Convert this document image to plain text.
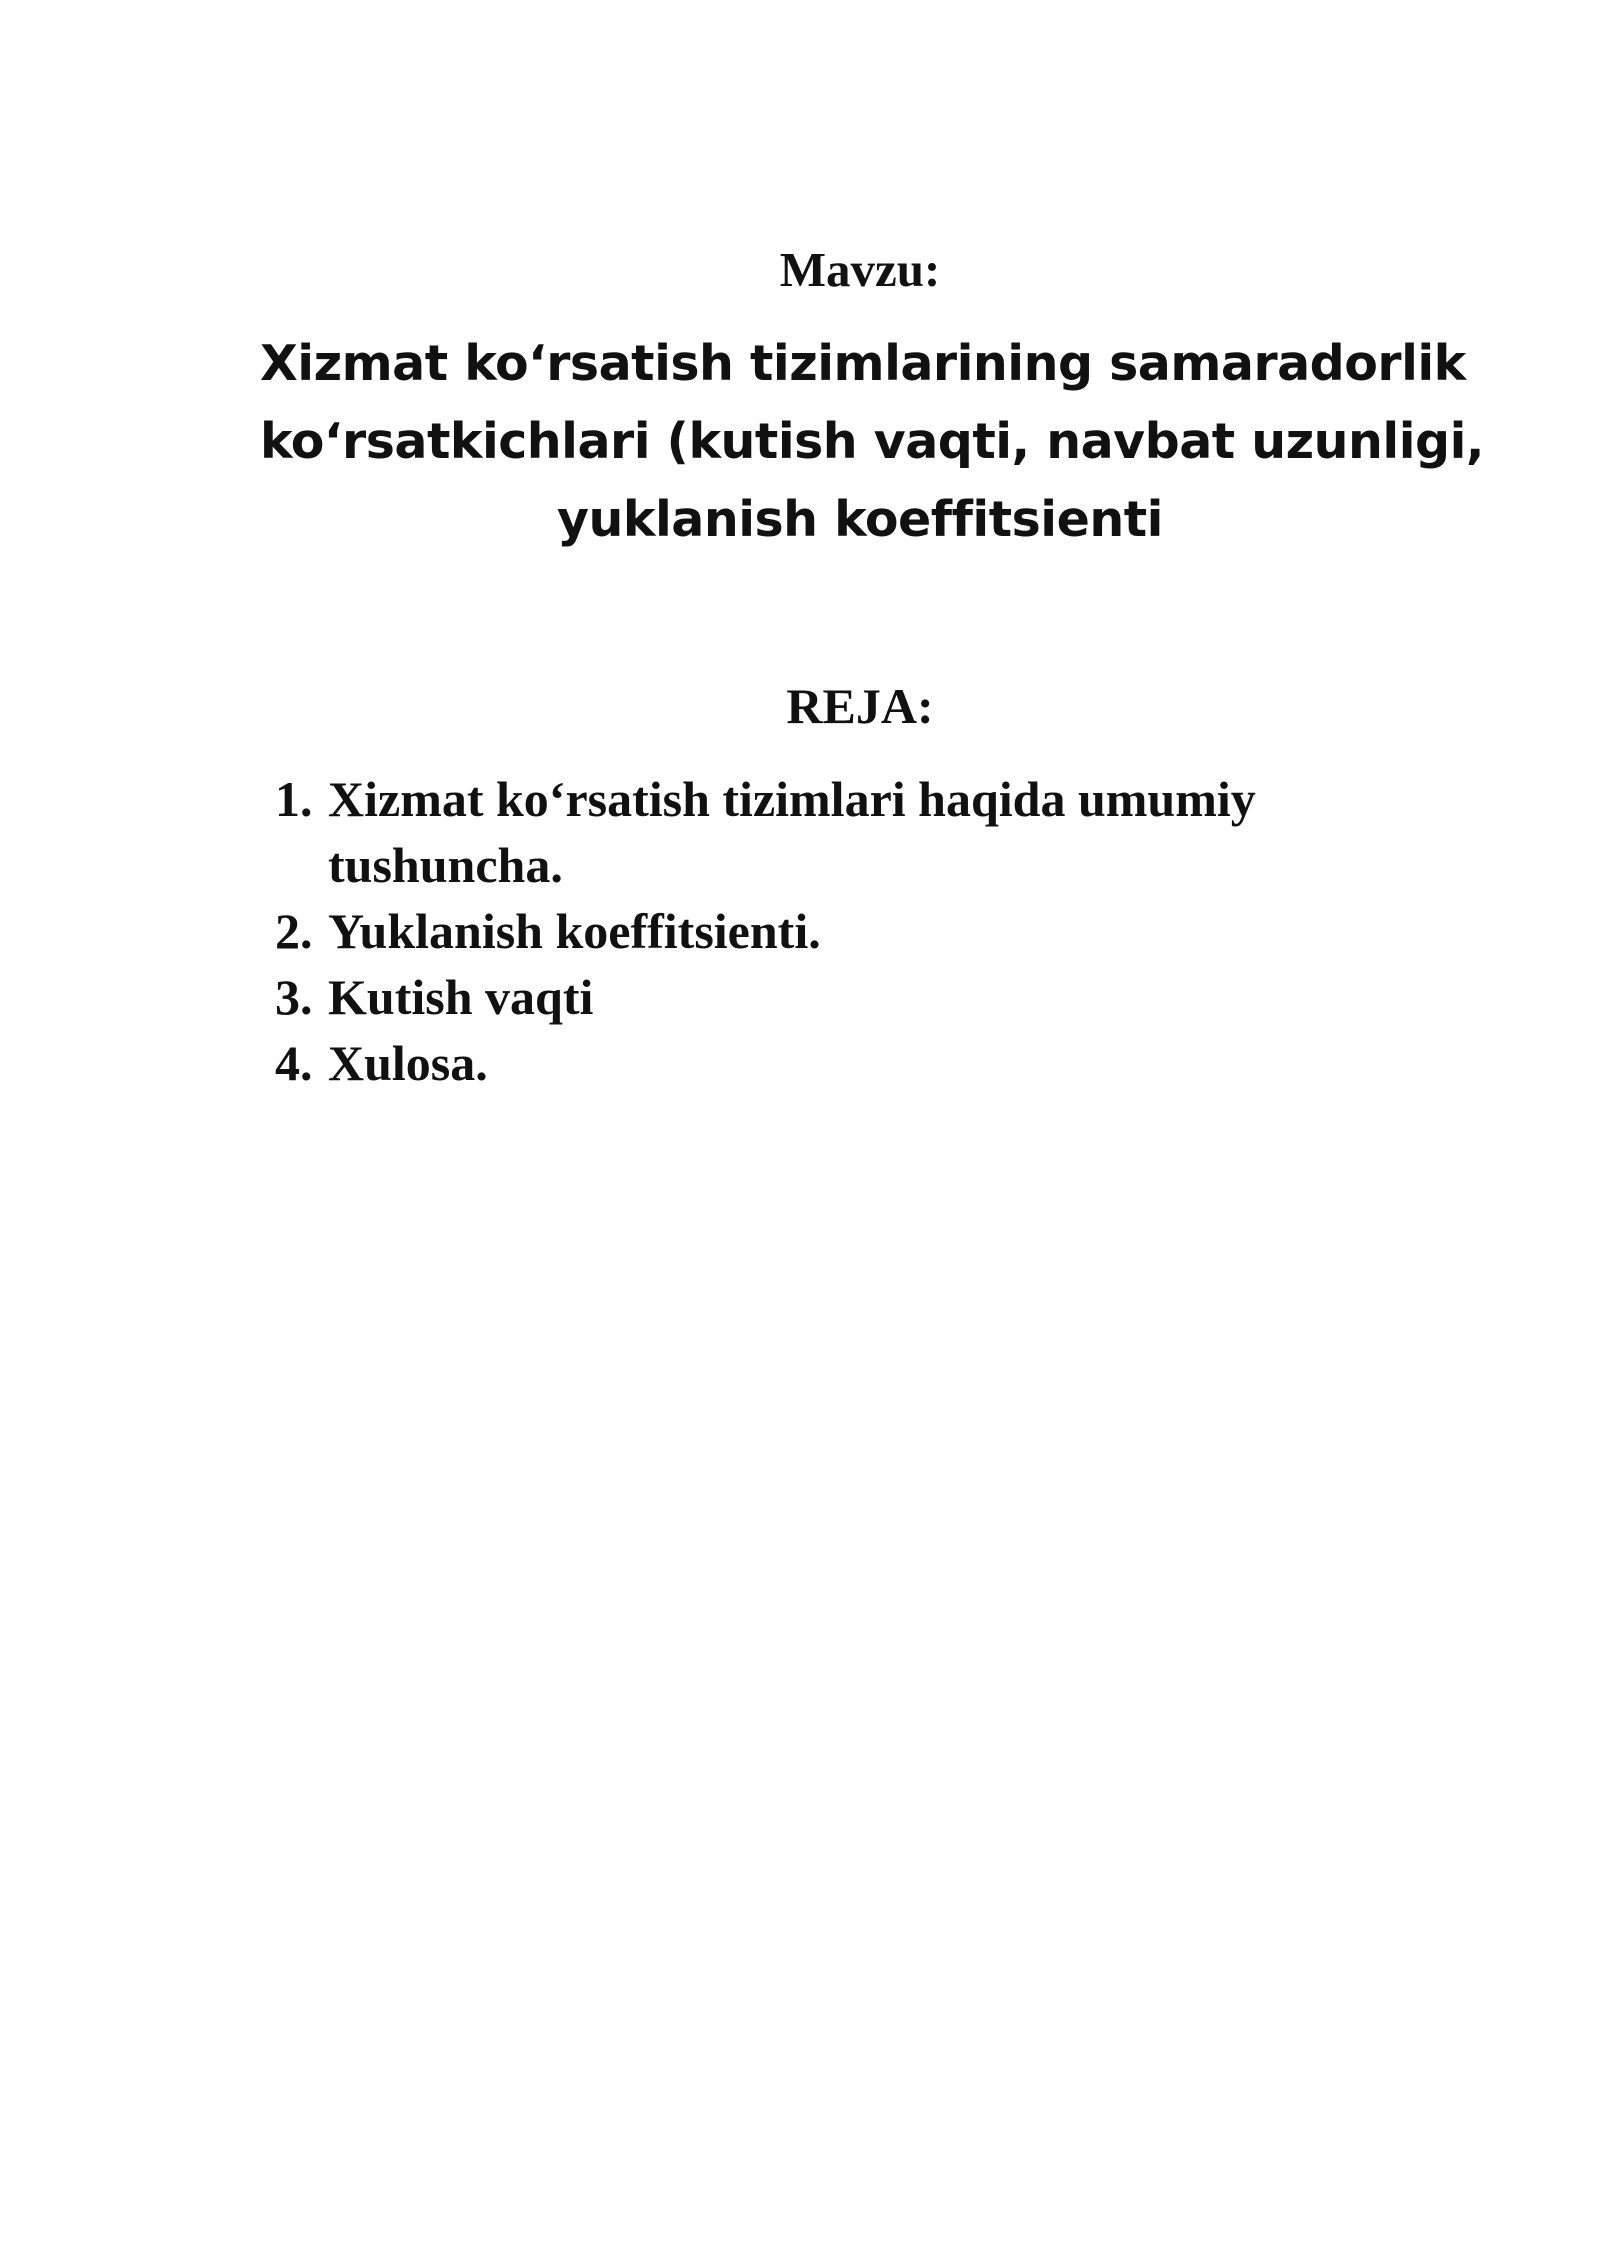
Mavzu:
Xizmat koʻrsatish tizimlarining samaradorlik
koʻrsatkichlari (kutish vaqti, navbat uzunligi,
yuklanish koeffitsienti
REJA:
1. Xizmat koʻrsatish tizimlari haqida umumiy tushuncha.
2. Yuklanish koeffitsienti.
3. Kutish vaqti
4. Xulosa.
